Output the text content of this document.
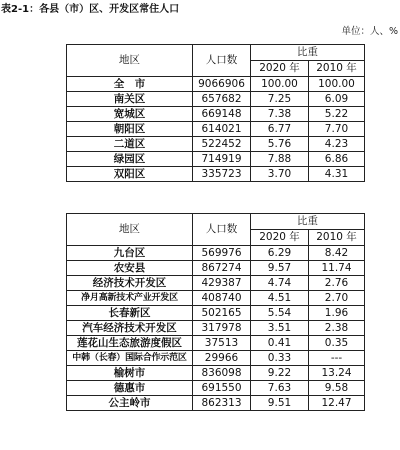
表2-1：各县（市）区、开发区常住人口
单位：人、%
地区	人口数	比重	
		2020 年	2010 年
全　市	9066906	100.00	100.00
南关区	657682	7.25	6.09
宽城区	669148	7.38	5.22
朝阳区	614021	6.77	7.70
二道区	522452	5.76	4.23
绿园区	714919	7.88	6.86
双阳区	335723	3.70	4.31
地区	人口数	比重	
		2020 年	2010 年
九台区	569976	6.29	8.42
农安县	867274	9.57	11.74
经济技术开发区	429387	4.74	2.76
净月高新技术产业开发区	408740	4.51	2.70
长春新区	502165	5.54	1.96
汽车经济技术开发区	317978	3.51	2.38
莲花山生态旅游度假区	37513	0.41	0.35
中韩（长春）国际合作示范区	29966	0.33	---
榆树市	836098	9.22	13.24
德惠市	691550	7.63	9.58
公主岭市	862313	9.51	12.47
